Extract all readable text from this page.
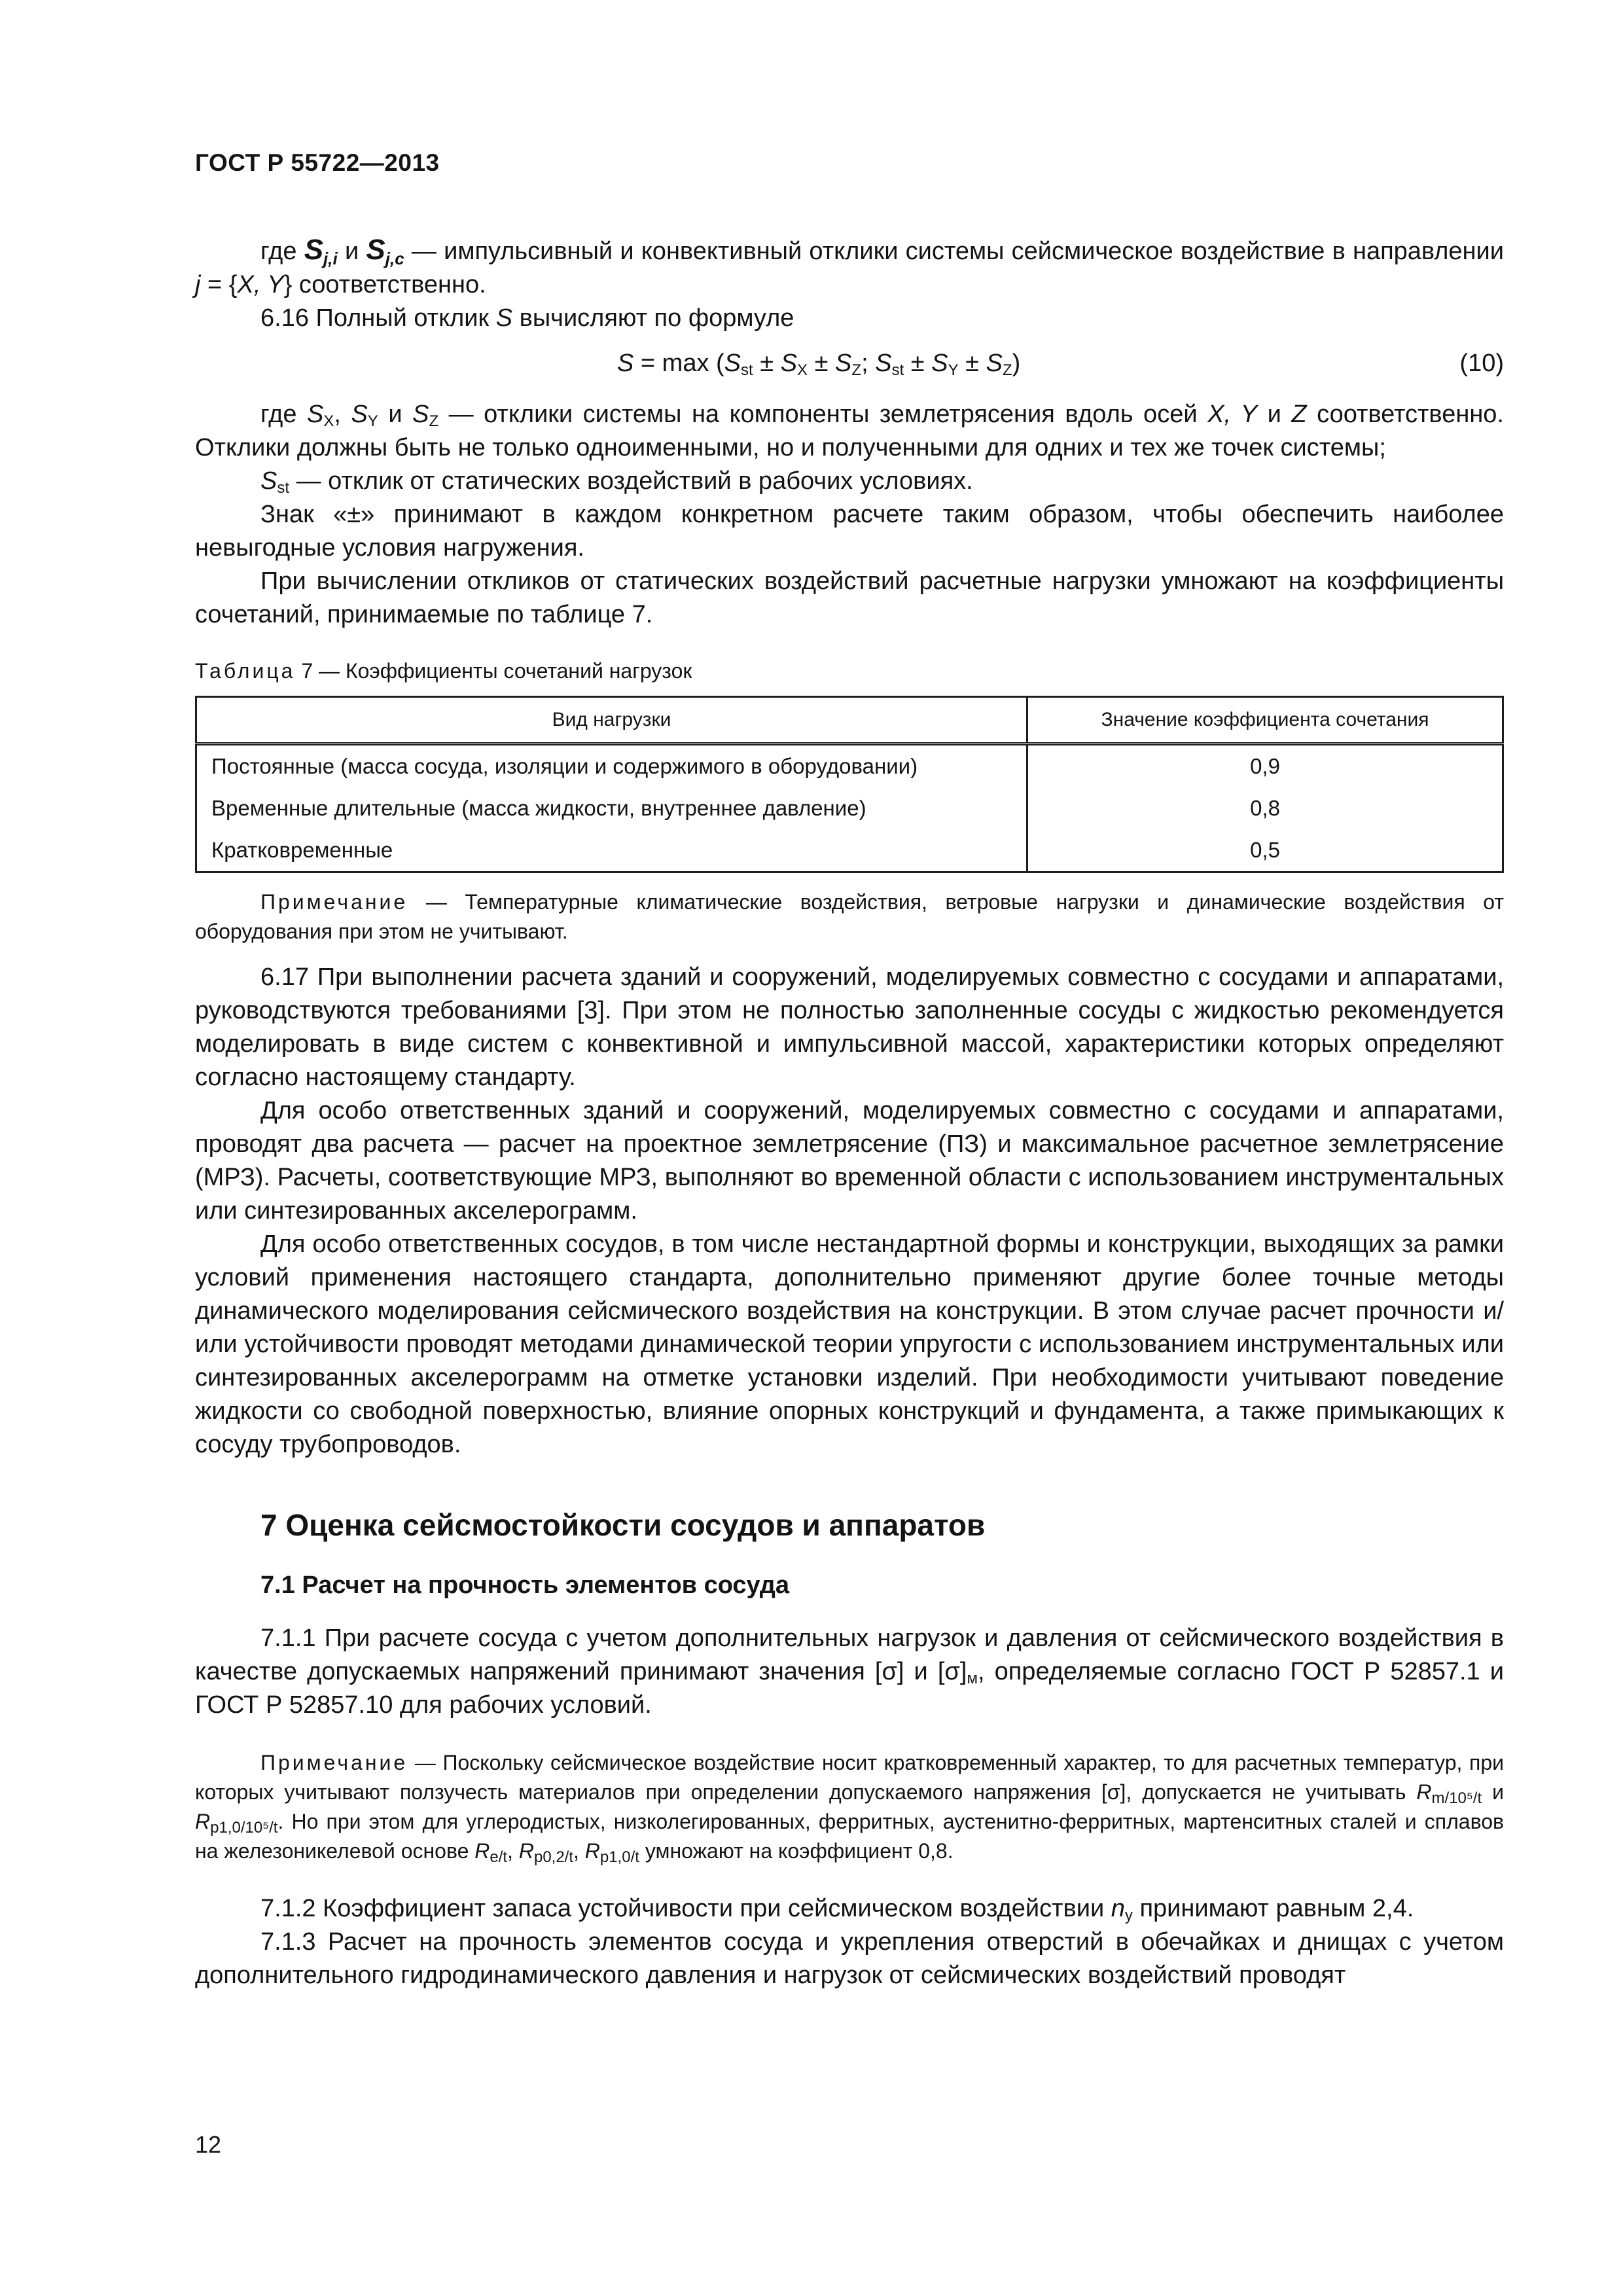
ГОСТ Р 55722—2013

где $S_{j,i}$ и $S_{j,c}$ — импульсивный и конвективный отклики системы сейсмическое воздействие в направлении j = {X, Y} соответственно.

6.16 Полный отклик S вычисляют по формуле

$S = \max (S_{st} \pm S_X \pm S_Z$; $S_{st} \pm S_Y \pm S_Z$)	(10)

где $S_X$, $S_Y$ и $S_Z$ — отклики системы на компоненты землетрясения вдоль осей X, Y и Z соответственно. Отклики должны быть не только одноименными, но и полученными для одних и тех же точек системы;

$S_{st}$ — отклик от статических воздействий в рабочих условиях.

Знак «±» принимают в каждом конкретном расчете таким образом, чтобы обеспечить наиболее невыгодные условия нагружения.

При вычислении откликов от статических воздействий расчетные нагрузки умножают на коэффициенты сочетаний, принимаемые по таблице 7.

Таблица 7 — Коэффициенты сочетаний нагрузок
Вид нагрузки	Значение коэффициента сочетания
Постоянные (масса сосуда, изоляции и содержимого в оборудовании)	0,9
Временные длительные (масса жидкости, внутреннее давление)	0,8
Кратковременные	0,5

Примечание — Температурные климатические воздействия, ветровые нагрузки и динамические воздействия от оборудования при этом не учитывают.

6.17 При выполнении расчета зданий и сооружений, моделируемых совместно с сосудами и аппаратами, руководствуются требованиями [3]. При этом не полностью заполненные сосуды с жидкостью рекомендуется моделировать в виде систем с конвективной и импульсивной массой, характеристики которых определяют согласно настоящему стандарту.

Для особо ответственных зданий и сооружений, моделируемых совместно с сосудами и аппаратами, проводят два расчета — расчет на проектное землетрясение (ПЗ) и максимальное расчетное землетрясение (МРЗ). Расчеты, соответствующие МРЗ, выполняют во временной области с использованием инструментальных или синтезированных акселерограмм.

Для особо ответственных сосудов, в том числе нестандартной формы и конструкции, выходящих за рамки условий применения настоящего стандарта, дополнительно применяют другие более точные методы динамического моделирования сейсмического воздействия на конструкции. В этом случае расчет прочности и/или устойчивости проводят методами динамической теории упругости с использованием инструментальных или синтезированных акселерограмм на отметке установки изделий. При необходимости учитывают поведение жидкости со свободной поверхностью, влияние опорных конструкций и фундамента, а также примыкающих к сосуду трубопроводов.

7 Оценка сейсмостойкости сосудов и аппаратов
7.1 Расчет на прочность элементов сосуда

7.1.1 При расчете сосуда с учетом дополнительных нагрузок и давления от сейсмического воздействия в качестве допускаемых напряжений принимают значения [σ] и $[\sigma]_м$, определяемые согласно ГОСТ Р 52857.1 и ГОСТ Р 52857.10 для рабочих условий.

Примечание — Поскольку сейсмическое воздействие носит кратковременный характер, то для расчетных температур, при которых учитывают ползучесть материалов при определении допускаемого напряжения [σ], допускается не учитывать $R_{m/10^5/t}$ и $R_{p1,0/10^5/t}$. Но при этом для углеродистых, низколегированных, ферритных, аустенитно-ферритных, мартенситных сталей и сплавов на железоникелевой основе $R_{e/t}$, $R_{p0,2/t}$, $R_{p1,0/t}$ умножают на коэффициент 0,8.

7.1.2 Коэффициент запаса устойчивости при сейсмическом воздействии $n_y$ принимают равным 2,4.

7.1.3 Расчет на прочность элементов сосуда и укрепления отверстий в обечайках и днищах с учетом дополнительного гидродинамического давления и нагрузок от сейсмических воздействий проводят

12
